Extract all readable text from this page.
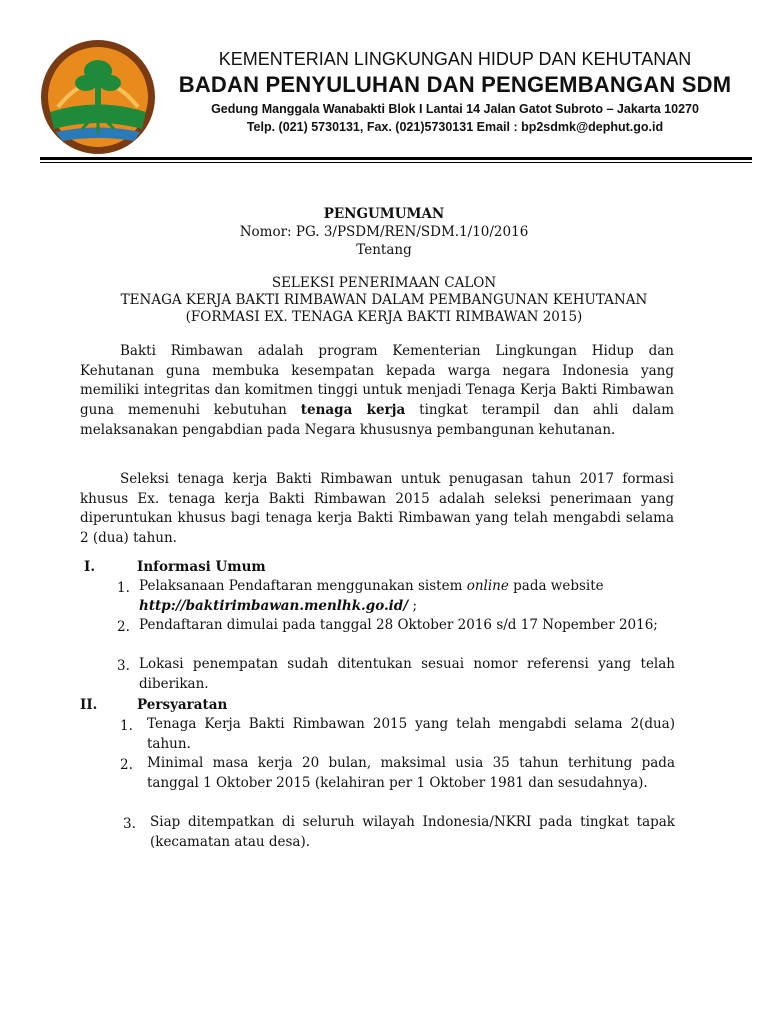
KEMENTERIAN LINGKUNGAN HIDUP DAN KEHUTANAN
BADAN PENYULUHAN DAN PENGEMBANGAN SDM
Gedung Manggala Wanabakti Blok I Lantai 14 Jalan Gatot Subroto – Jakarta 10270
Telp. (021) 5730131, Fax. (021)5730131 Email : bp2sdmk@dephut.go.id
PENGUMUMAN
Nomor: PG. 3/PSDM/REN/SDM.1/10/2016
Tentang
SELEKSI PENERIMAAN CALON
TENAGA KERJA BAKTI RIMBAWAN DALAM PEMBANGUNAN KEHUTANAN
(FORMASI EX. TENAGA KERJA BAKTI RIMBAWAN 2015)

Bakti Rimbawan adalah program Kementerian Lingkungan Hidup dan Kehutanan guna membuka kesempatan kepada warga negara Indonesia yang memiliki integritas dan komitmen tinggi untuk menjadi Tenaga Kerja Bakti Rimbawan guna memenuhi kebutuhan tenaga kerja tingkat terampil dan ahli dalam melaksanakan pengabdian pada Negara khususnya pembangunan kehutanan.

Seleksi tenaga kerja Bakti Rimbawan untuk penugasan tahun 2017 formasi khusus Ex. tenaga kerja Bakti Rimbawan 2015 adalah seleksi penerimaan yang diperuntukan khusus bagi tenaga kerja Bakti Rimbawan yang telah mengabdi selama 2 (dua) tahun.

I.	Informasi Umum
1. Pelaksanaan Pendaftaran menggunakan sistem online pada website
http://baktirimbawan.menlhk.go.id/ ;

2. Pendaftaran dimulai pada tanggal 28 Oktober 2016 s/d 17 Nopember 2016;

3. Lokasi penempatan sudah ditentukan sesuai nomor referensi yang telah diberikan.

II.	Persyaratan
1. Tenaga Kerja Bakti Rimbawan 2015 yang telah mengabdi selama 2(dua) tahun.

2. Minimal masa kerja 20 bulan, maksimal usia 35 tahun terhitung pada tanggal 1 Oktober 2015 (kelahiran per 1 Oktober 1981 dan sesudahnya).

3. Siap ditempatkan di seluruh wilayah Indonesia/NKRI pada tingkat tapak (kecamatan atau desa).
